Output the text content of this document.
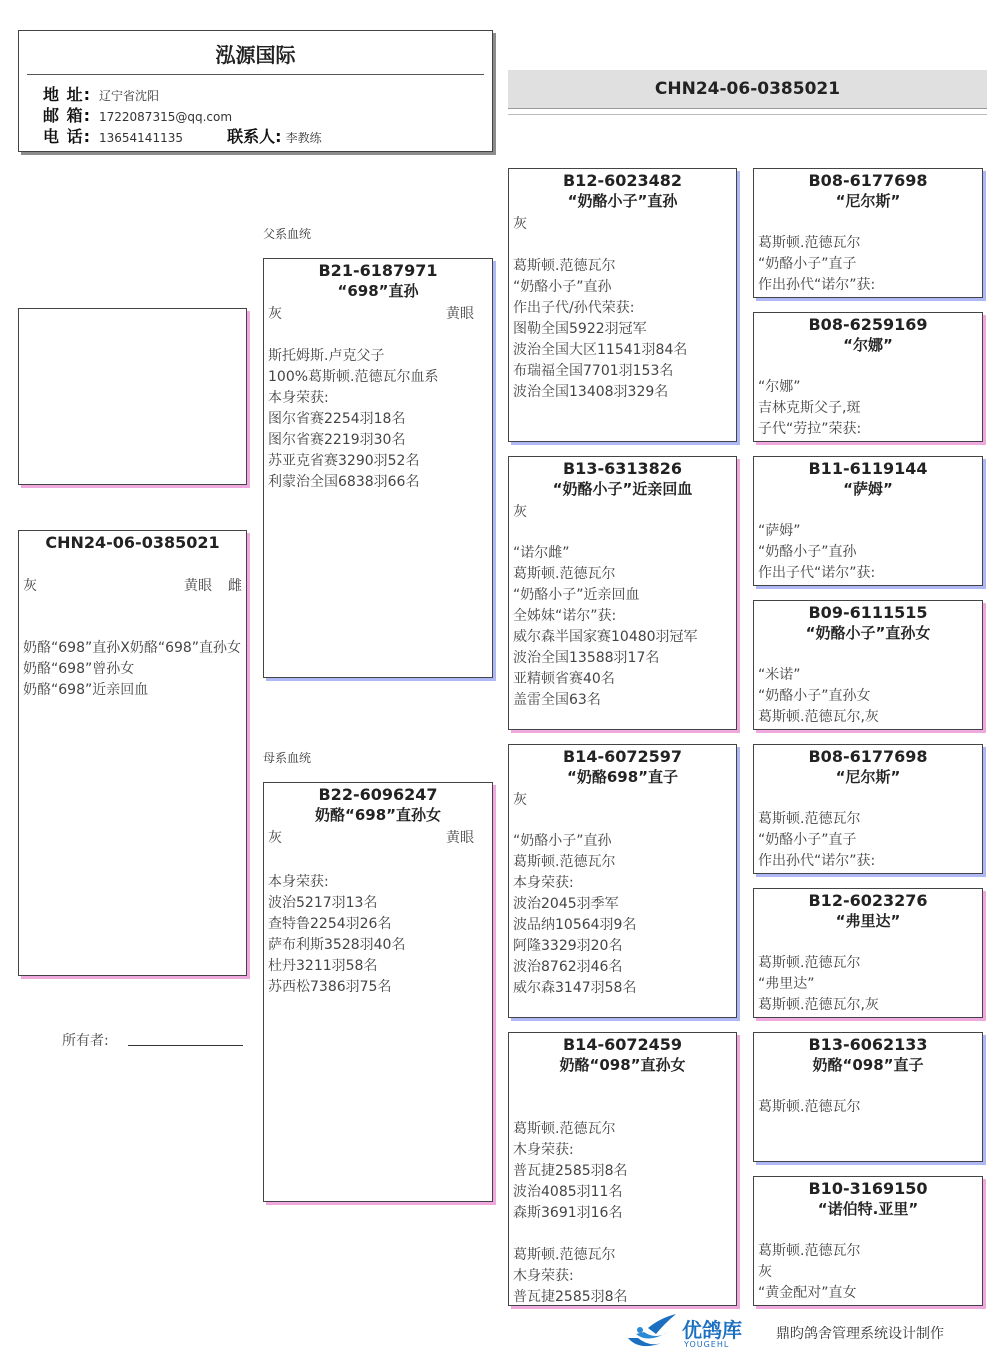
泓源国际
地 址: 辽宁省沈阳
邮 箱: 1722087315@qq.com
电 话: 13654141135	联系人: 李教练
CHN24-06-0385021
CHN24-06-0385021
灰	雌
黄眼
奶酪“698”直孙X奶酪“698”直孙女
奶酪“698”曾孙女
奶酪“698”近亲回血
父系血统
母系血统
B21-6187971
“698”直孙
灰	黄眼
斯托姆斯.卢克父子
100%葛斯顿.范德瓦尔血系
本身荣获:
图尔省赛2254羽18名
图尔省赛2219羽30名
苏亚克省赛3290羽52名
利蒙治全国6838羽66名
B22-6096247
奶酪“698”直孙女
灰	黄眼
本身荣获:
波治5217羽13名
查特鲁2254羽26名
萨布利斯3528羽40名
杜丹3211羽58名
苏西松7386羽75名
B12-6023482
“奶酪小子”直孙
灰
葛斯顿.范德瓦尔
“奶酪小子”直孙
作出子代/孙代荣获:
图勒全国5922羽冠军
波治全国大区11541羽84名
布瑞福全国7701羽153名
波治全国13408羽329名
B13-6313826
“奶酪小子”近亲回血
灰
“诺尔雌”
葛斯顿.范德瓦尔
“奶酪小子”近亲回血
全姊妹“诺尔”获:
威尔森半国家赛10480羽冠军
波治全国13588羽17名
亚精顿省赛40名
盖雷全国63名
B14-6072597
“奶酪698”直子
灰
“奶酪小子”直孙
葛斯顿.范德瓦尔
本身荣获:
波治2045羽季军
波品纳10564羽9名
阿隆3329羽20名
波治8762羽46名
威尔森3147羽58名
B14-6072459
奶酪“098”直孙女
葛斯顿.范德瓦尔
木身荣获:
普瓦捷2585羽8名
波治4085羽11名
森斯3691羽16名

葛斯顿.范德瓦尔
木身荣获:
普瓦捷2585羽8名
B08-6177698
“尼尔斯”
葛斯顿.范德瓦尔
“奶酪小子”直子
作出孙代“诺尔”获:
B08-6259169
“尔娜”
“尔娜”
吉林克斯父子,斑
子代“劳拉”荣获:
B11-6119144
“萨姆”
“萨姆”
“奶酪小子”直孙
作出子代“诺尔”获:
B09-6111515
“奶酪小子”直孙女
“米诺”
“奶酪小子”直孙女
葛斯顿.范德瓦尔,灰
B08-6177698
“尼尔斯”
葛斯顿.范德瓦尔
“奶酪小子”直子
作出孙代“诺尔”获:
B12-6023276
“弗里达”
葛斯顿.范德瓦尔
“弗里达”
葛斯顿.范德瓦尔,灰
B13-6062133
奶酪“098”直子
葛斯顿.范德瓦尔
B10-3169150
“诺伯特.亚里”
葛斯顿.范德瓦尔
灰
“黄金配对”直女
所有者:
优鸽库
YOUGEHL
鼎昀鸽舍管理系统设计制作
